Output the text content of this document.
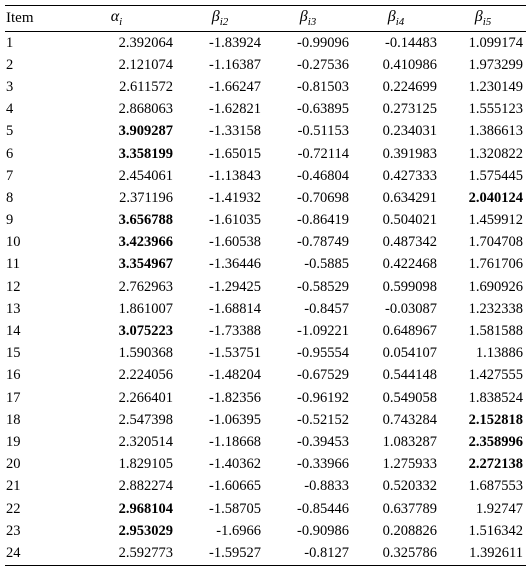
Item	$\alpha_i$	$\beta_{i2}$	$\beta_{i3}$	$\beta_{i4}$	$\beta_{i5}$
1	2.392064	-1.83924	-0.99096	-0.14483	1.099174
2	2.121074	-1.16387	-0.27536	0.410986	1.973299
3	2.611572	-1.66247	-0.81503	0.224699	1.230149
4	2.868063	-1.62821	-0.63895	0.273125	1.555123
5	3.909287	-1.33158	-0.51153	0.234031	1.386613
6	3.358199	-1.65015	-0.72114	0.391983	1.320822
7	2.454061	-1.13843	-0.46804	0.427333	1.575445
8	2.371196	-1.41932	-0.70698	0.634291	2.040124
9	3.656788	-1.61035	-0.86419	0.504021	1.459912
10	3.423966	-1.60538	-0.78749	0.487342	1.704708
11	3.354967	-1.36446	-0.5885	0.422468	1.761706
12	2.762963	-1.29425	-0.58529	0.599098	1.690926
13	1.861007	-1.68814	-0.8457	-0.03087	1.232338
14	3.075223	-1.73388	-1.09221	0.648967	1.581588
15	1.590368	-1.53751	-0.95554	0.054107	1.13886
16	2.224056	-1.48204	-0.67529	0.544148	1.427555
17	2.266401	-1.82356	-0.96192	0.549058	1.838524
18	2.547398	-1.06395	-0.52152	0.743284	2.152818
19	2.320514	-1.18668	-0.39453	1.083287	2.358996
20	1.829105	-1.40362	-0.33966	1.275933	2.272138
21	2.882274	-1.60665	-0.8833	0.520332	1.687553
22	2.968104	-1.58705	-0.85446	0.637789	1.92747
23	2.953029	-1.6966	-0.90986	0.208826	1.516342
24	2.592773	-1.59527	-0.8127	0.325786	1.392611
